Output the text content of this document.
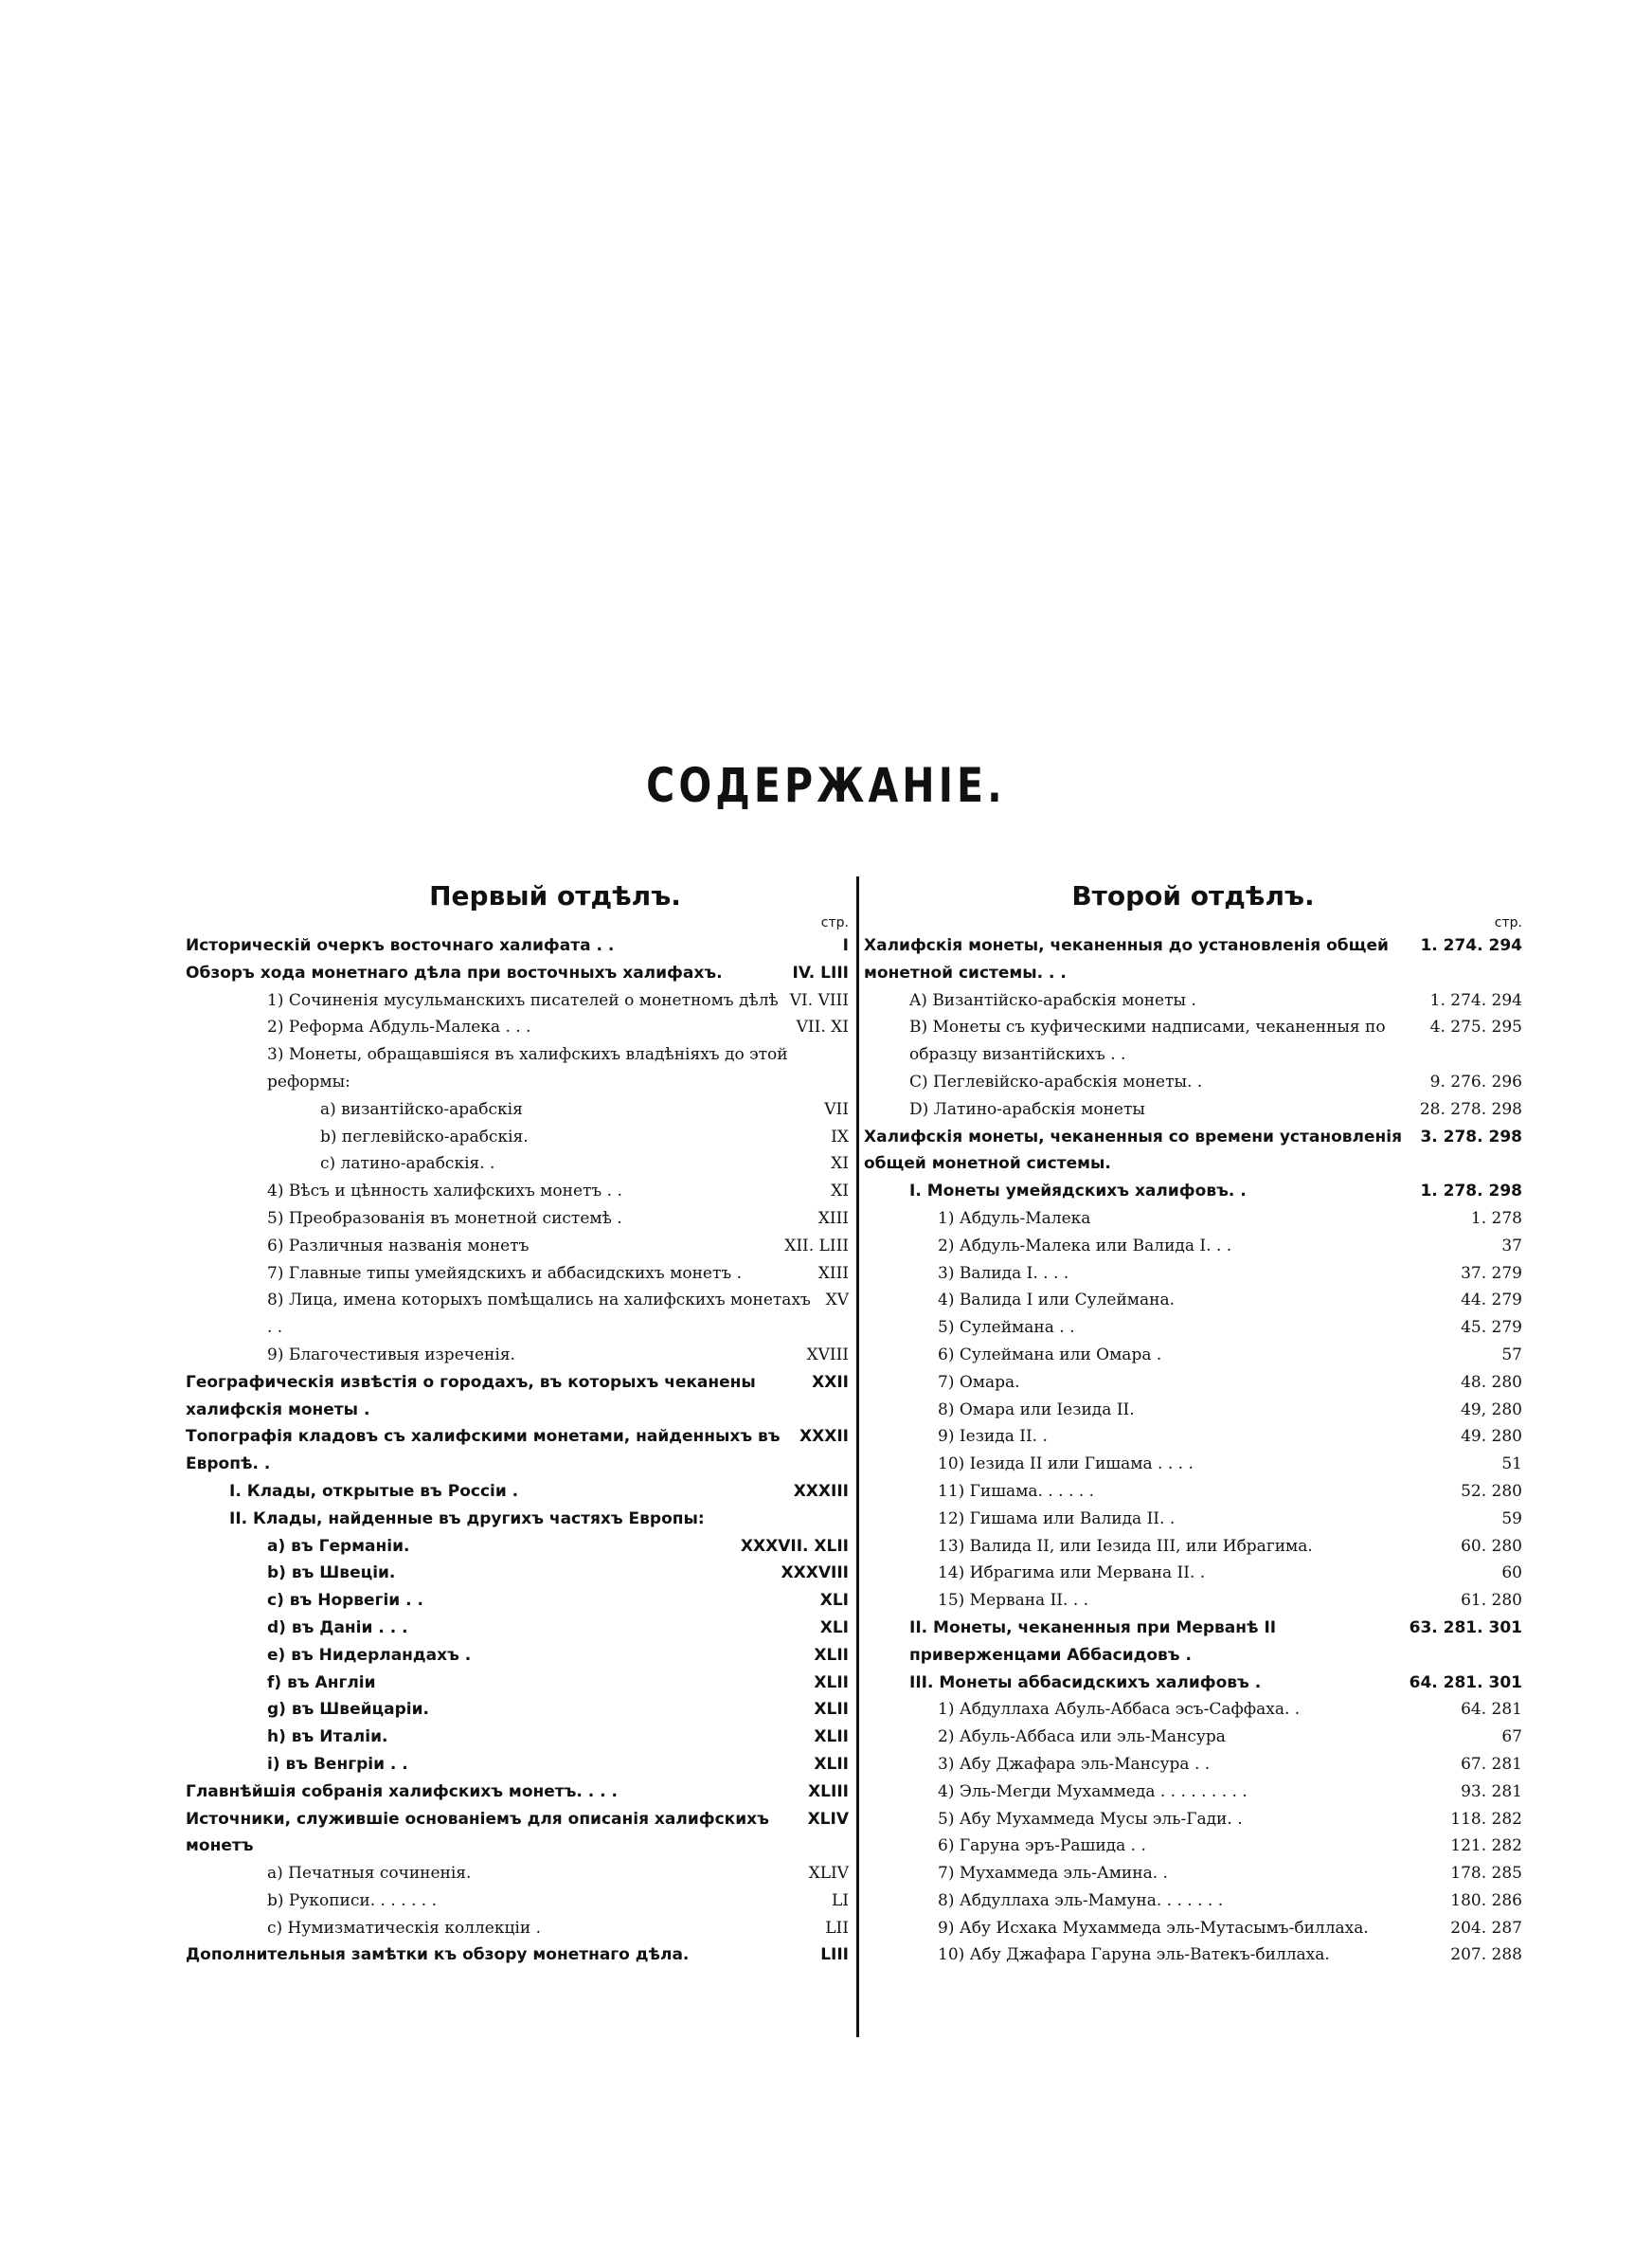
СОДЕРЖАНІЕ.
Первый отдѣлъ.
стр.
Историческій очеркъ восточнаго халифата . .	I
Обзоръ хода монетнаго дѣла при восточныхъ халифахъ.	IV. LIII
1) Сочиненія мусульманскихъ писателей о монетномъ дѣлѣ VI. VIII
2) Реформа Абдуль-Малека . . .	VII. XI
3) Монеты, обращавшіяся въ халифскихъ владѣніяхъ до этой реформы:
a) византійско-арабскія	VII
b) пеглевійско-арабскія.	IX
c) латино-арабскія. .	XI
4) Вѣсъ и цѣнность халифскихъ монетъ . .	XI
5) Преобразованія въ монетной системѣ .	XIII
6) Различныя названія монетъ	XII. LIII
7) Главные типы умейядскихъ и аббасидскихъ монетъ .	XIII
8) Лица, имена которыхъ помѣщались на халифскихъ монетахъ . .
XV
9) Благочестивыя изреченія.	XVIII
Географическія извѣстія о городахъ, въ которыхъ чеканены халифскія монеты .
XXII
Топографія кладовъ съ халифскими монетами, найденныхъ въ Европѣ. .
XXXII
I. Клады, открытые въ Россіи .	XXXIII
II. Клады, найденные въ другихъ частяхъ Европы:
a) въ Германіи.	XXXVII. XLII
b) въ Швеціи.	XXXVIII
c) въ Норвегіи . .	XLI
d) въ Даніи . . .	XLI
e) въ Нидерландахъ .	XLII
f) въ Англіи	XLII
g) въ Швейцаріи.	XLII
h) въ Италіи.	XLII
i) въ Венгріи . .	XLII
Главнѣйшія собранія халифскихъ монетъ. . . .	XLIII
Источники, служившіе основаніемъ для описанія халифскихъ монетъ
XLIV
a) Печатныя сочиненія.	XLIV
b) Рукописи. . . . . . .	LI
c) Нумизматическія коллекціи .	LII
Дополнительныя замѣтки къ обзору монетнаго дѣла.	LIII
Второй отдѣлъ.
стр.
Халифскія монеты, чеканенныя до установленія общей монетной системы. . .
1. 274. 294
A) Византійско-арабскія монеты .	1. 274. 294
B) Монеты съ куфическими надписами, чеканенныя по образцу византійскихъ . .
4. 275. 295
C) Пеглевійско-арабскія монеты. .	9. 276. 296
D) Латино-арабскія монеты	28. 278. 298
Халифскія монеты, чеканенныя со времени установленія общей монетной системы.
3. 278. 298
I. Монеты умейядскихъ халифовъ. .	1. 278. 298
1) Абдуль-Малека	1. 278
2) Абдуль-Малека или Валида I. . .	37
3) Валида I. . . .	37. 279
4) Валида I или Сулеймана.	44. 279
5) Сулеймана . .	45. 279
6) Сулеймана или Омара .	57
7) Омара.	48. 280
8) Омара или Іезида II.	49, 280
9) Іезида II. .	49. 280
10) Іезида II или Гишама . . . .	51
11) Гишама. . . . . .	52. 280
12) Гишама или Валида II. .	59
13) Валида II, или Іезида III, или Ибрагима.	60. 280
14) Ибрагима или Мервана II. .	60
15) Мервана II. . .	61. 280
II. Монеты, чеканенныя при Мерванѣ II приверженцами Аббасидовъ .
63. 281. 301
III. Монеты аббасидскихъ халифовъ .	64. 281. 301
1) Абдуллаха Абуль-Аббаса эсъ-Саффаха. .	64. 281
2) Абуль-Аббаса или эль-Мансура	67
3) Абу Джафара эль-Мансура . .	67. 281
4) Эль-Мегди Мухаммеда . . . . . . . . .	93. 281
5) Абу Мухаммеда Мусы эль-Гади. .	118. 282
6) Гаруна эръ-Рашида . .	121. 282
7) Мухаммеда эль-Амина. .	178. 285
8) Абдуллаха эль-Мамуна. . . . . . .	180. 286
9) Абу Исхака Мухаммеда эль-Мутасымъ-биллаха.	204. 287
10) Абу Джафара Гаруна эль-Ватекъ-биллаха.	207. 288
